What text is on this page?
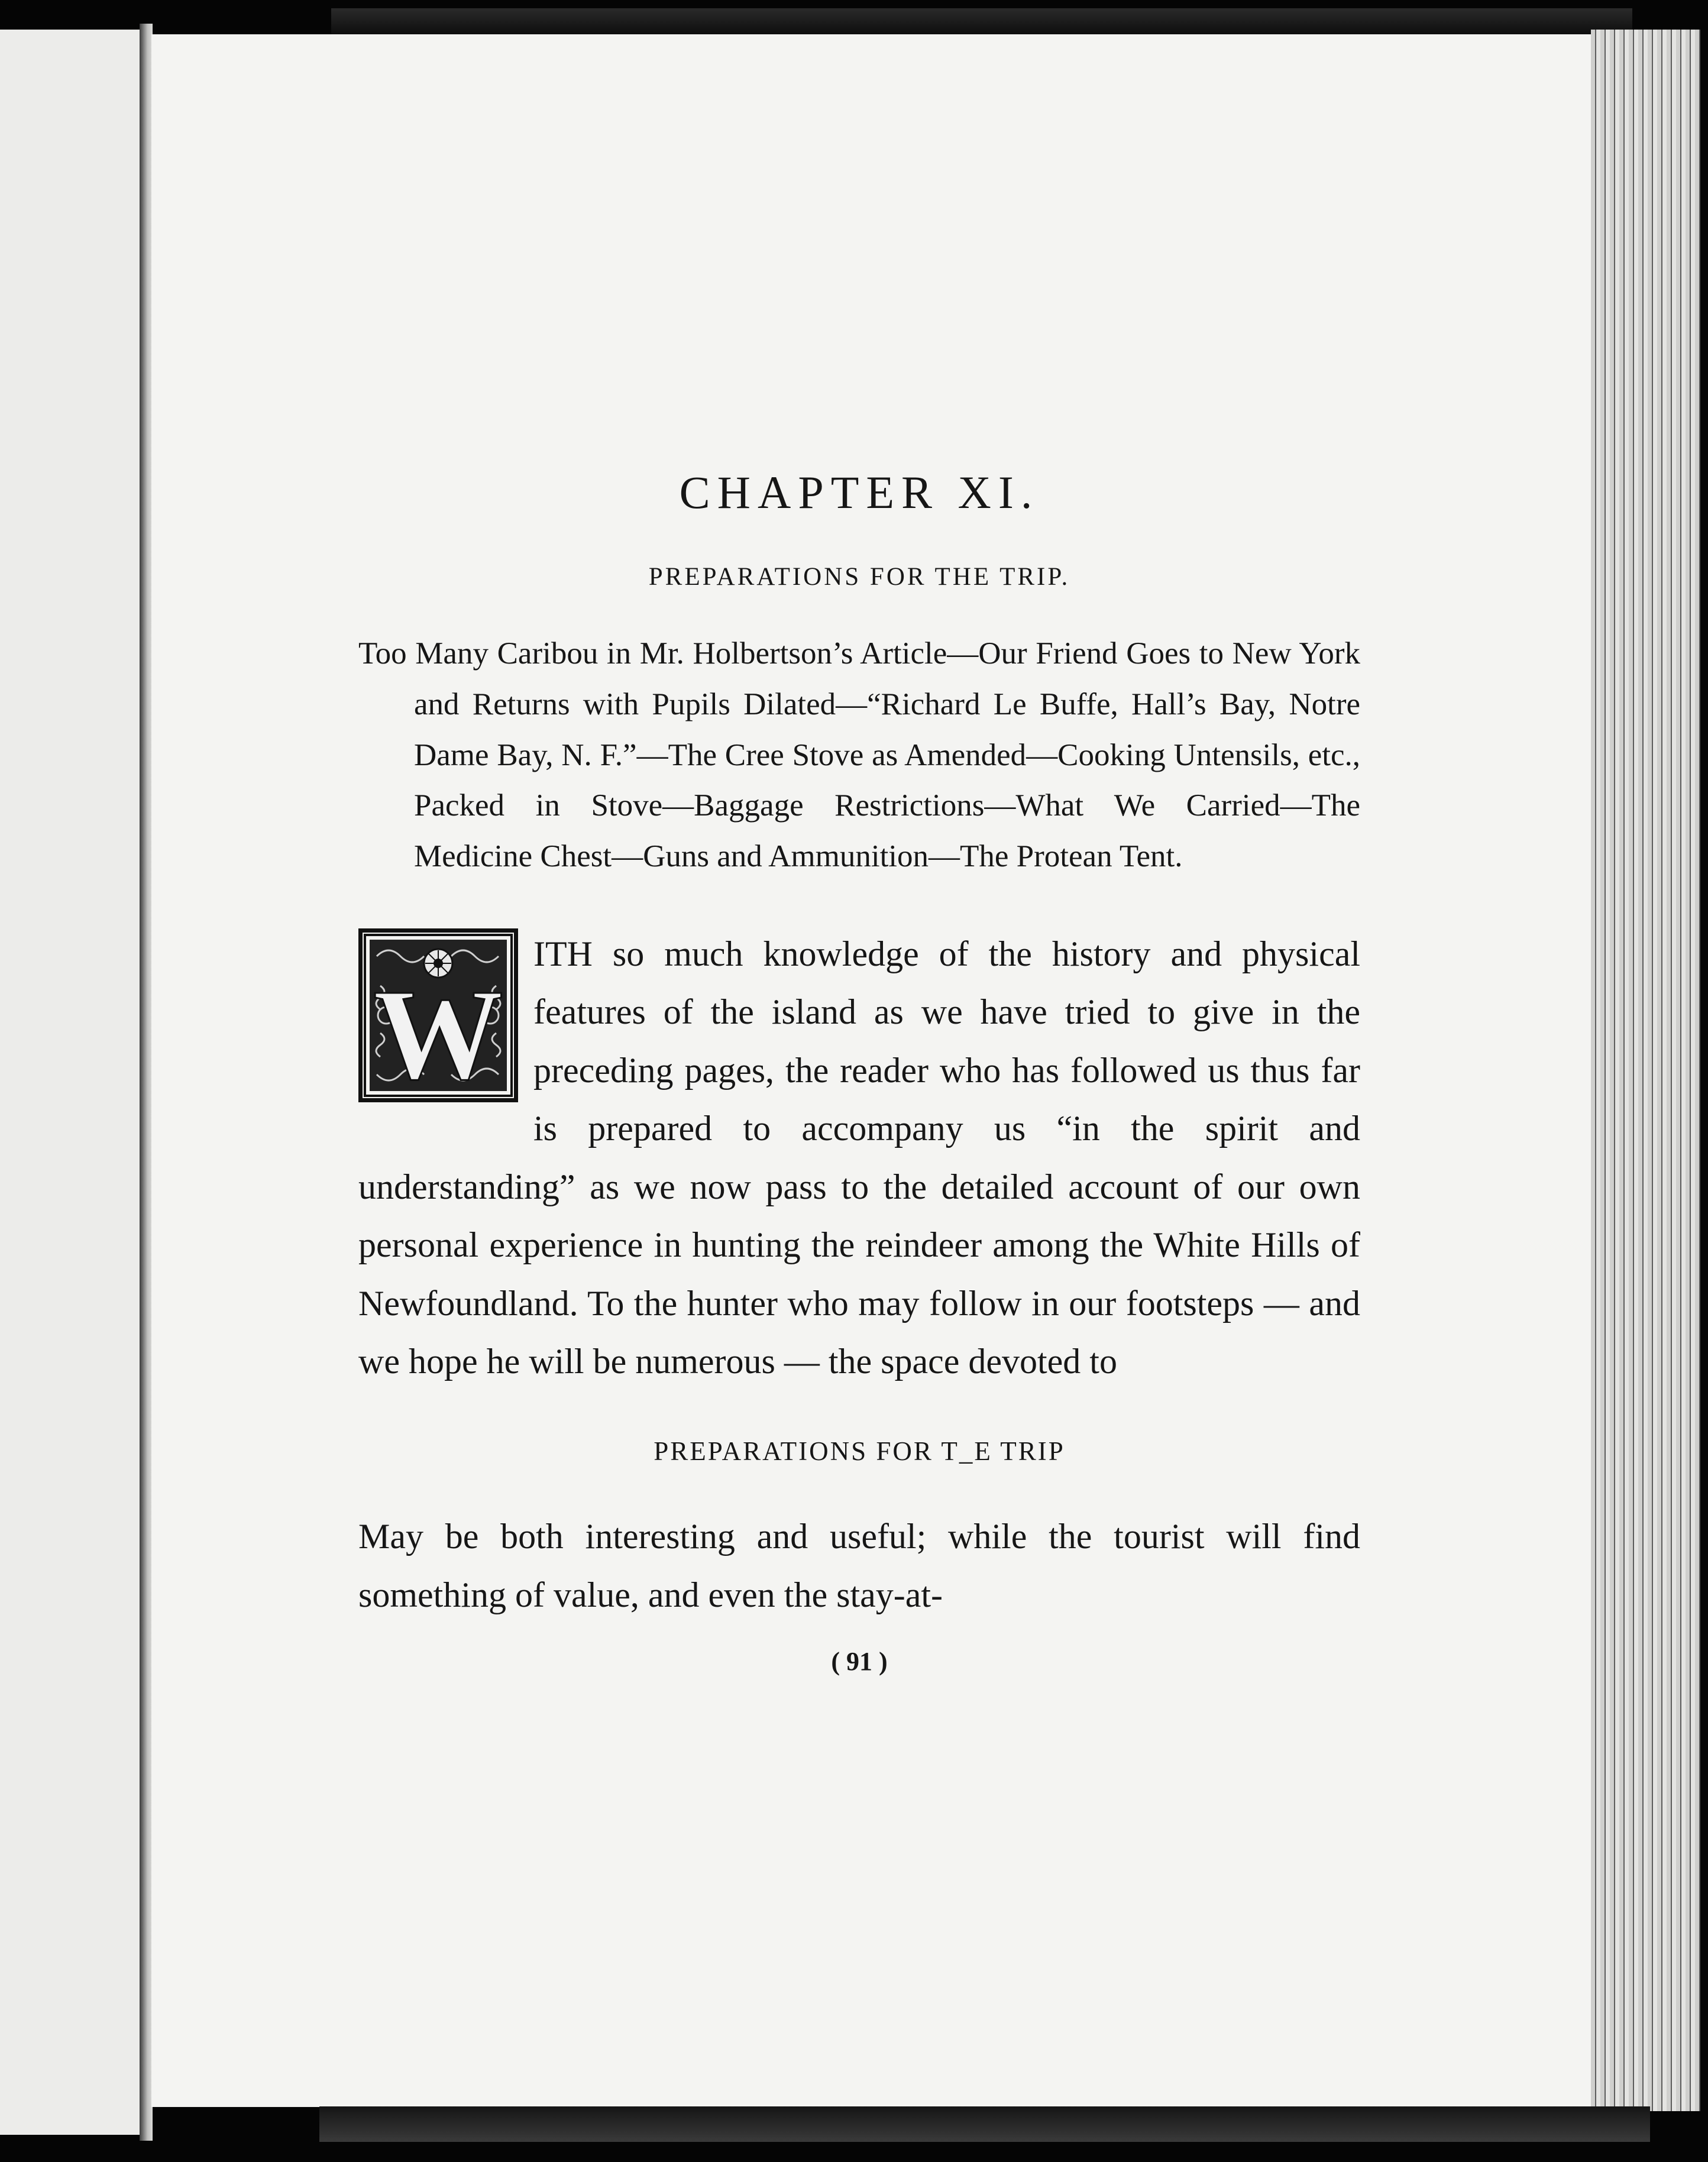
CHAPTER XI.
PREPARATIONS FOR THE TRIP.

Too Many Caribou in Mr. Holbertson’s Article—Our Friend Goes to New York and Returns with Pupils Dilated—“Richard Le Buffe, Hall’s Bay, Notre Dame Bay, N. F.”—The Cree Stove as Amended—Cooking Untensils, etc., Packed in Stove—Baggage Restrictions—What We Carried—The Medicine Chest—Guns and Ammunition—The Protean Tent.

W

ITH so much knowledge of the history and physical features of the island as we have tried to give in the preceding pages, the reader who has followed us thus far is prepared to accompany us “in the spirit and understanding” as we now pass to the detailed account of our own personal experience in hunting the reindeer among the White Hills of Newfoundland. To the hunter who may follow in our footsteps — and we hope he will be numerous — the space devoted to

PREPARATIONS FOR T_E TRIP

May be both interesting and useful; while the tourist will find something of value, and even the stay-at-

( 91 )
